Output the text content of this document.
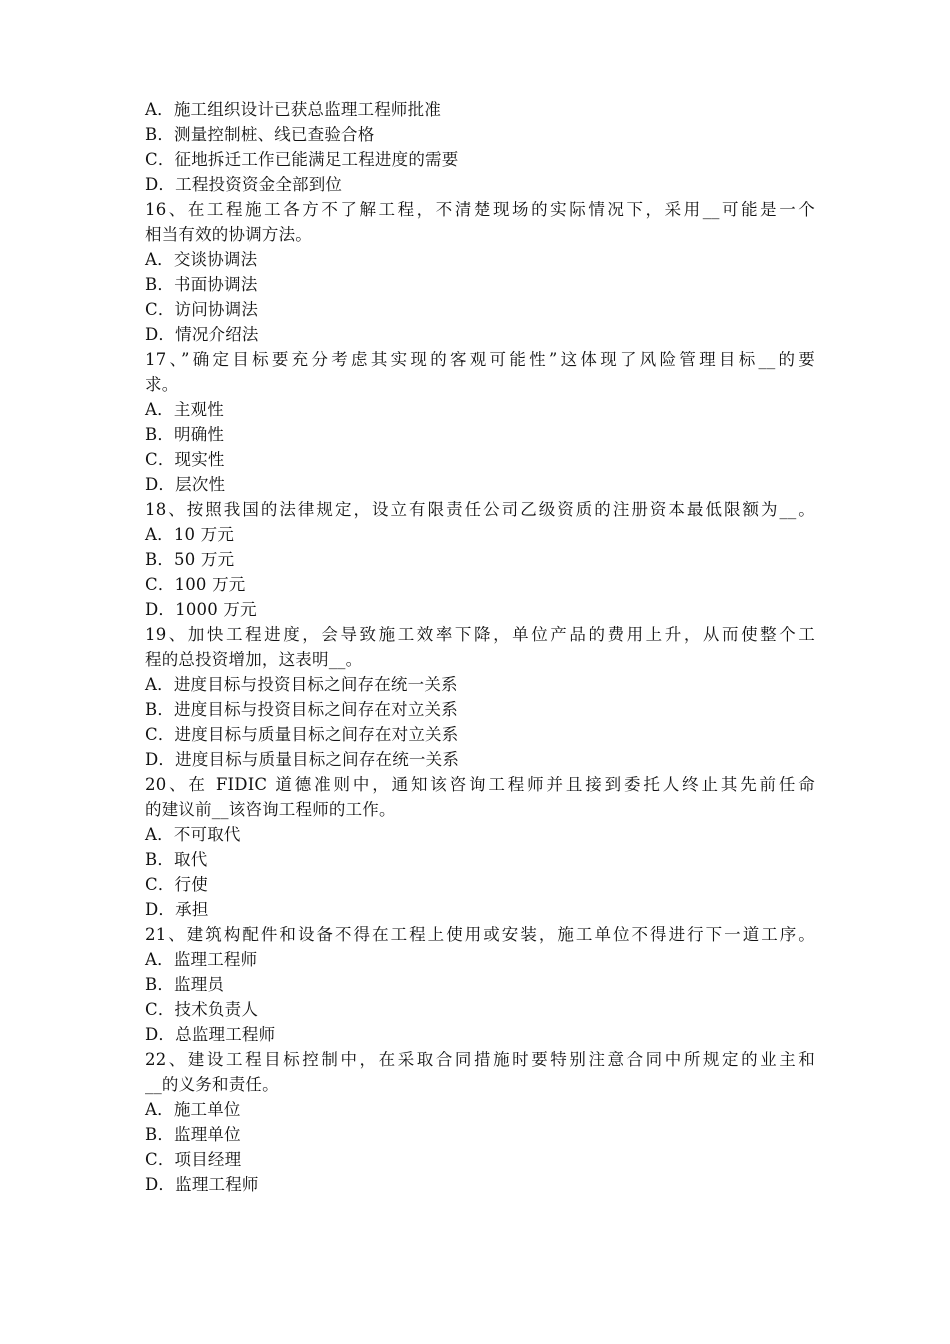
A．施工组织设计已获总监理工程师批准
B．测量控制桩、线已查验合格
C．征地拆迁工作已能满足工程进度的需要
D．工程投资资金全部到位
16、在工程施工各方不了解工程，不清楚现场的实际情况下，采用__可能是一个
相当有效的协调方法。
A．交谈协调法
B．书面协调法
C．访问协调法
D．情况介绍法
17、”确定目标要充分考虑其实现的客观可能性”这体现了风险管理目标__的要
求。
A．主观性
B．明确性
C．现实性
D．层次性
18、按照我国的法律规定，设立有限责任公司乙级资质的注册资本最低限额为__。
A．10 万元
B．50 万元
C．100 万元
D．1000 万元
19、加快工程进度，会导致施工效率下降，单位产品的费用上升，从而使整个工
程的总投资增加，这表明__。
A．进度目标与投资目标之间存在统一关系
B．进度目标与投资目标之间存在对立关系
C．进度目标与质量目标之间存在对立关系
D．进度目标与质量目标之间存在统一关系
20、在 FIDIC 道德准则中，通知该咨询工程师并且接到委托人终止其先前任命
的建议前__该咨询工程师的工作。
A．不可取代
B．取代
C．行使
D．承担
21、建筑构配件和设备不得在工程上使用或安装，施工单位不得进行下一道工序。
A．监理工程师
B．监理员
C．技术负责人
D．总监理工程师
22、建设工程目标控制中，在采取合同措施时要特别注意合同中所规定的业主和
__的义务和责任。
A．施工单位
B．监理单位
C．项目经理
D．监理工程师
